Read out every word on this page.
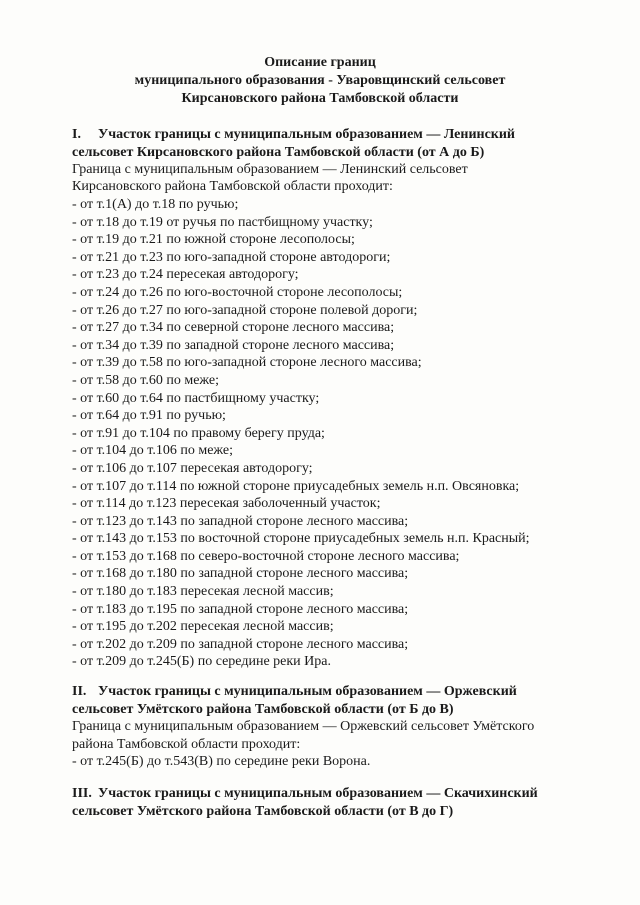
Описание границ
муниципального образования - Уваровщинский сельсовет
Кирсановского района Тамбовской области
I. Участок границы с муниципальным образованием — Ленинский
сельсовет Кирсановского района Тамбовской области (от А до Б)
Граница с муниципальным образованием — Ленинский сельсовет
Кирсановского района Тамбовской области проходит:
- от т.1(А) до т.18 по ручью;
- от т.18 до т.19 от ручья по пастбищному участку;
- от т.19 до т.21 по южной стороне лесополосы;
- от т.21 до т.23 по юго-западной стороне автодороги;
- от т.23 до т.24 пересекая автодорогу;
- от т.24 до т.26 по юго-восточной стороне лесополосы;
- от т.26 до т.27 по юго-западной стороне полевой дороги;
- от т.27 до т.34 по северной стороне лесного массива;
- от т.34 до т.39 по западной стороне лесного массива;
- от т.39 до т.58 по юго-западной стороне лесного массива;
- от т.58 до т.60 по меже;
- от т.60 до т.64 по пастбищному участку;
- от т.64 до т.91 по ручью;
- от т.91 до т.104 по правому берегу пруда;
- от т.104 до т.106 по меже;
- от т.106 до т.107 пересекая автодорогу;
- от т.107 до т.114 по южной стороне приусадебных земель н.п. Овсяновка;
- от т.114 до т.123 пересекая заболоченный участок;
- от т.123 до т.143 по западной стороне лесного массива;
- от т.143 до т.153 по восточной стороне приусадебных земель н.п. Красный;
- от т.153 до т.168 по северо-восточной стороне лесного массива;
- от т.168 до т.180 по западной стороне лесного массива;
- от т.180 до т.183 пересекая лесной массив;
- от т.183 до т.195 по западной стороне лесного массива;
- от т.195 до т.202 пересекая лесной массив;
- от т.202 до т.209 по западной стороне лесного массива;
- от т.209 до т.245(Б) по середине реки Ира.
II. Участок границы с муниципальным образованием — Оржевский
сельсовет Умётского района Тамбовской области (от Б до В)
Граница с муниципальным образованием — Оржевский сельсовет Умётского
района Тамбовской области проходит:
- от т.245(Б) до т.543(В) по середине реки Ворона.
III. Участок границы с муниципальным образованием — Скачихинский
сельсовет Умётского района Тамбовской области (от В до Г)
